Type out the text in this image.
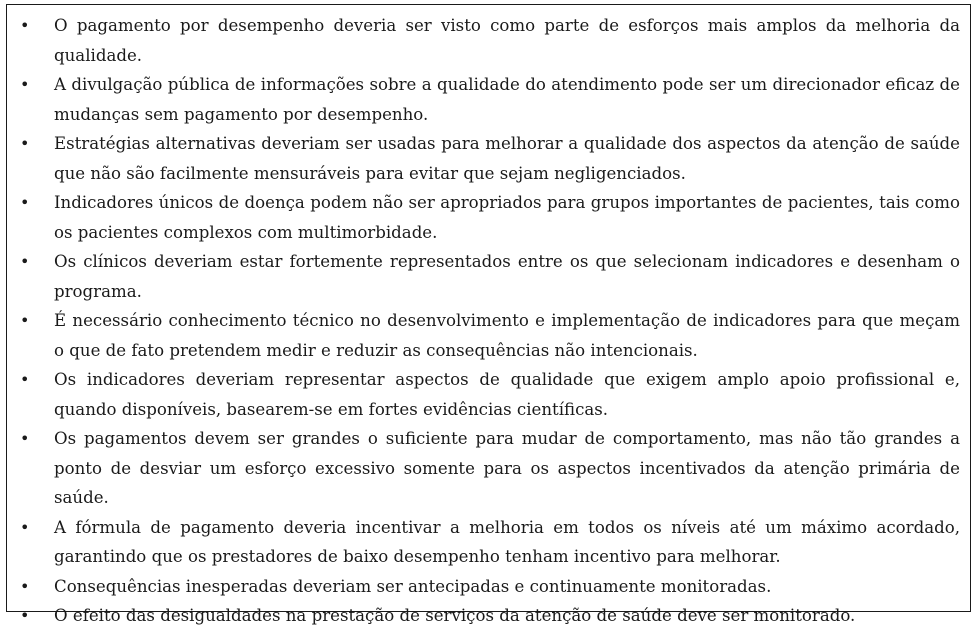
• O pagamento por desempenho deveria ser visto como parte de esforços mais amplos da melhoria da qualidade.
• A divulgação pública de informações sobre a qualidade do atendimento pode ser um direcionador eficaz de mudanças sem pagamento por desempenho.
• Estratégias alternativas deveriam ser usadas para melhorar a qualidade dos aspectos da atenção de saúde que não são facilmente mensuráveis para evitar que sejam negligenciados.
• Indicadores únicos de doença podem não ser apropriados para grupos importantes de pacientes, tais como os pacientes complexos com multimorbidade.
• Os clínicos deveriam estar fortemente representados entre os que selecionam indicadores e desenham o programa.
• É necessário conhecimento técnico no desenvolvimento e implementação de indicadores para que meçam o que de fato pretendem medir e reduzir as consequências não intencionais.
• Os indicadores deveriam representar aspectos de qualidade que exigem amplo apoio profissional e, quando disponíveis, basearem-se em fortes evidências científicas.
• Os pagamentos devem ser grandes o suficiente para mudar de comportamento, mas não tão grandes a ponto de desviar um esforço excessivo somente para os aspectos incentivados da atenção primária de saúde.
• A fórmula de pagamento deveria incentivar a melhoria em todos os níveis até um máximo acordado, garantindo que os prestadores de baixo desempenho tenham incentivo para melhorar.
• Consequências inesperadas deveriam ser antecipadas e continuamente monitoradas.
• O efeito das desigualdades na prestação de serviços da atenção de saúde deve ser monitorado.
